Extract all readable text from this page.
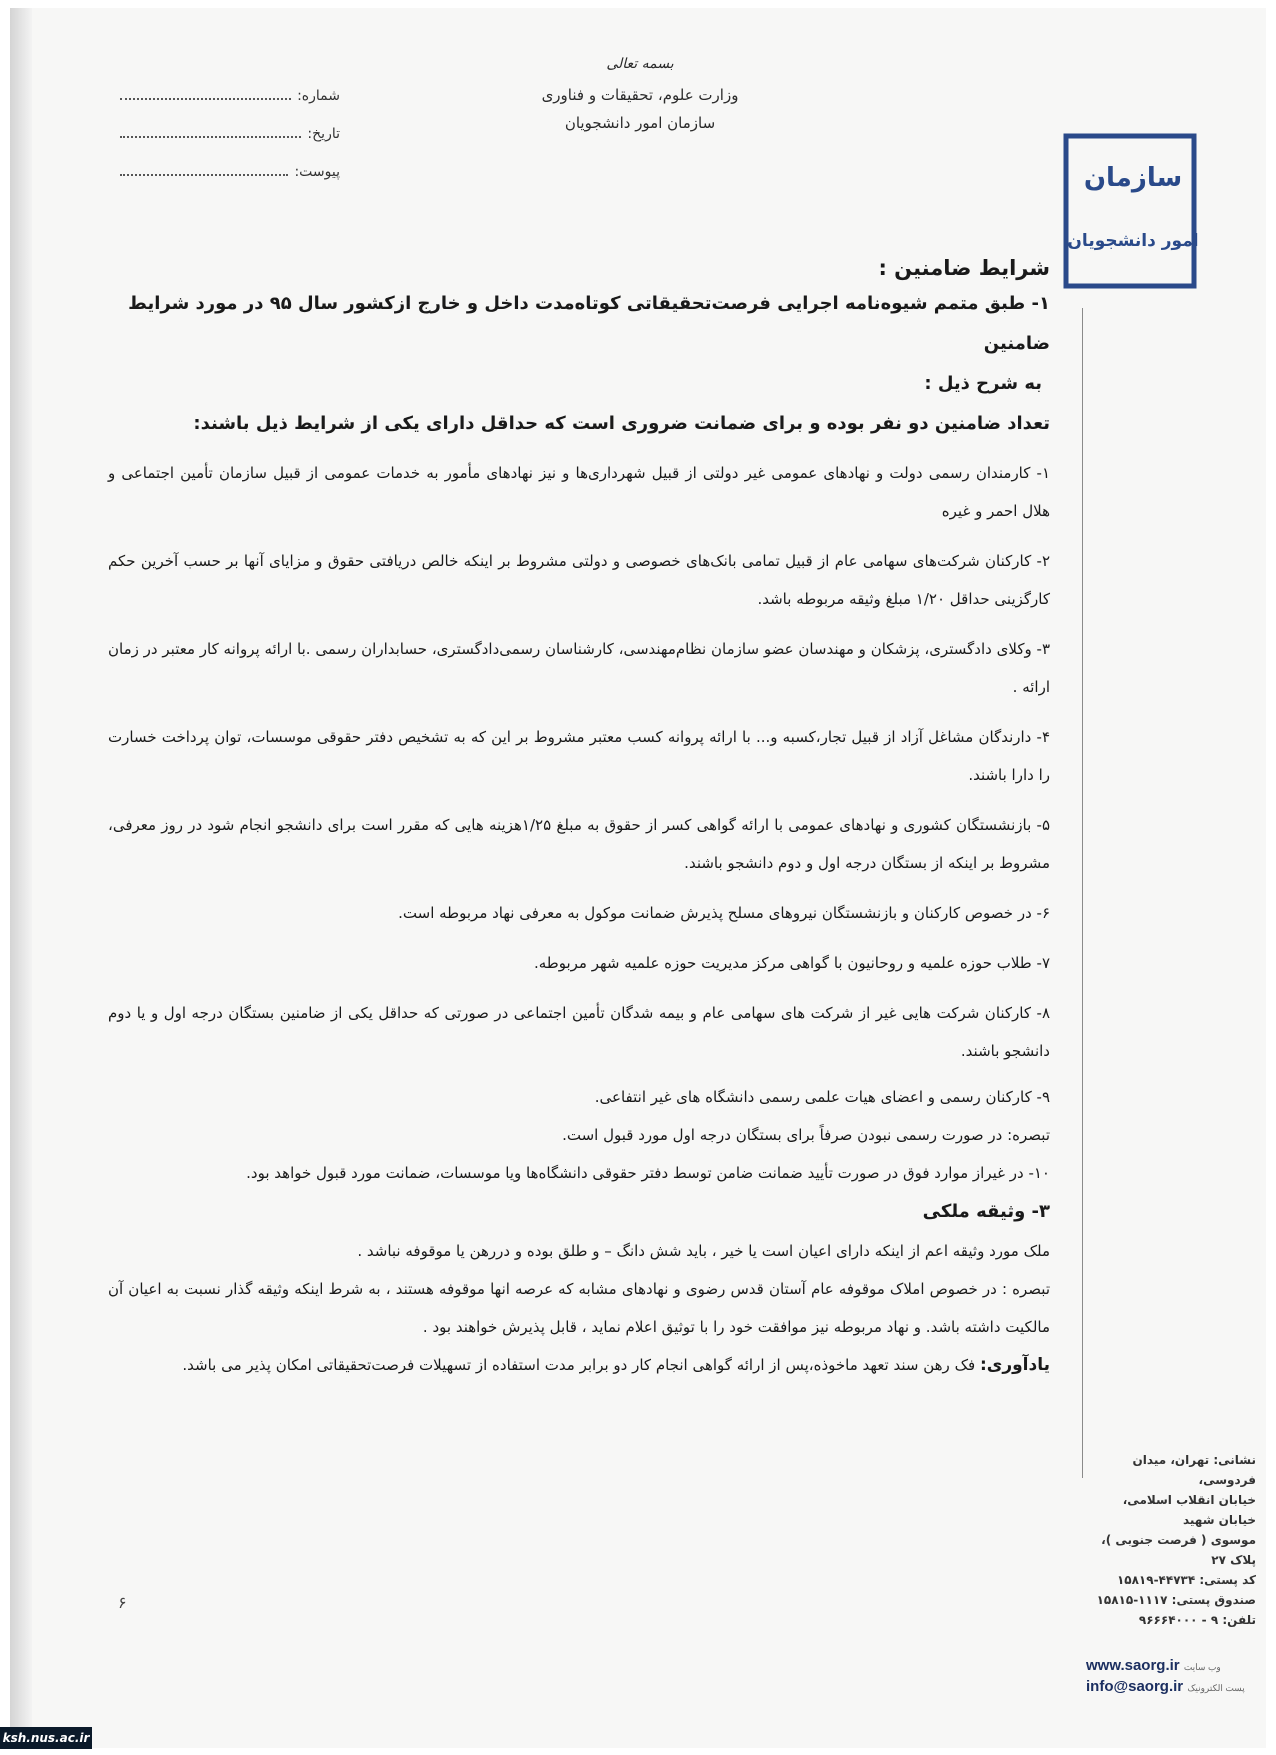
بسمه تعالی
وزارت علوم، تحقیقات و فناوری
سازمان امور دانشجویان
شماره:
تاریخ:
پیوست:	سازمان
امور دانشجویان
شرایط ضامنین :
۱- طبق متمم شیوه‌نامه اجرایی فرصت‌تحقیقاتی کوتاه‌مدت داخل و خارج ازکشور سال ۹۵ در مورد شرایط ضامنین
به شرح ذیل :
تعداد ضامنین دو نفر بوده و برای ضمانت ضروری است که حداقل دارای یکی از شرایط ذیل باشند:
۱- کارمندان رسمی دولت و نهادهای عمومی غیر دولتی از قبیل شهرداری‌ها و نیز نهادهای مأمور به خدمات عمومی از قبیل سازمان تأمین اجتماعی و هلال احمر و غیره
۲- کارکنان شرکت‌های سهامی عام از قبیل تمامی بانک‌های خصوصی و دولتی مشروط بر اینکه خالص دریافتی حقوق و مزایای آنها بر حسب آخرین حکم کارگزینی حداقل ۱/۲۰ مبلغ وثیقه مربوطه باشد.
۳- وکلای دادگستری، پزشکان و مهندسان عضو سازمان نظام‌مهندسی، کارشناسان رسمی‌دادگستری، حسابداران رسمی .با ارائه پروانه کار معتبر در زمان ارائه .
۴- دارندگان مشاغل آزاد از قبیل تجار،کسبه و... با ارائه پروانه کسب معتبر مشروط بر این که به تشخیص دفتر حقوقی موسسات، توان پرداخت خسارت را دارا باشند.
۵- بازنشستگان کشوری و نهادهای عمومی با ارائه گواهی کسر از حقوق به مبلغ ۱/۲۵هزینه هایی که مقرر است برای دانشجو انجام شود در روز معرفی، مشروط بر اینکه از بستگان درجه اول و دوم دانشجو باشند.
۶- در خصوص کارکنان و بازنشستگان نیروهای مسلح پذیرش ضمانت موکول به معرفی نهاد مربوطه است.
۷- طلاب حوزه علمیه و روحانیون با گواهی مرکز مدیریت حوزه علمیه شهر مربوطه.
۸- کارکنان شرکت هایی غیر از شرکت های سهامی عام و بیمه شدگان تأمین اجتماعی در صورتی که حداقل یکی از ضامنین بستگان درجه اول و یا دوم دانشجو باشند.
۹- کارکنان رسمی و اعضای هیات علمی رسمی دانشگاه های غیر انتفاعی.
تبصره: در صورت رسمی نبودن صرفاً برای بستگان درجه اول مورد قبول است.
۱۰- در غیراز موارد فوق در صورت تأیید ضمانت ضامن توسط دفتر حقوقی دانشگاه‌ها ویا موسسات، ضمانت مورد قبول خواهد بود.
۳- وثیقه ملکی
ملک مورد وثیقه اعم از اینکه دارای اعیان است یا خیر ، باید شش دانگ – و طلق بوده و دررهن یا موقوفه نباشد .
تبصره : در خصوص املاک موقوفه عام آستان قدس رضوی و نهادهای مشابه که عرصه انها موقوفه هستند ، به شرط اینکه وثیقه گذار نسبت به اعیان آن مالکیت داشته باشد. و نهاد مربوطه نیز موافقت خود را با توثیق اعلام نماید ، قابل پذیرش خواهند بود .
یادآوری: فک رهن سند تعهد ماخوذه،پس از ارائه گواهی انجام کار دو برابر مدت استفاده از تسهیلات فرصت‌تحقیقاتی امکان پذیر می باشد.
نشانی: تهران، میدان فردوسی،
خیابان انقلاب اسلامی، خیابان شهید
موسوی ( فرصت جنوبی )، پلاک ۲۷
کد پستی: ۴۴۷۳۴-۱۵۸۱۹
صندوق پستی: ۱۱۱۷-۱۵۸۱۵
تلفن: ۹ - ۹۶۶۶۴۰۰۰
www.saorg.ir وب سایت
info@saorg.ir پست الکترونیک
۶
ksh.nus.ac.ir
